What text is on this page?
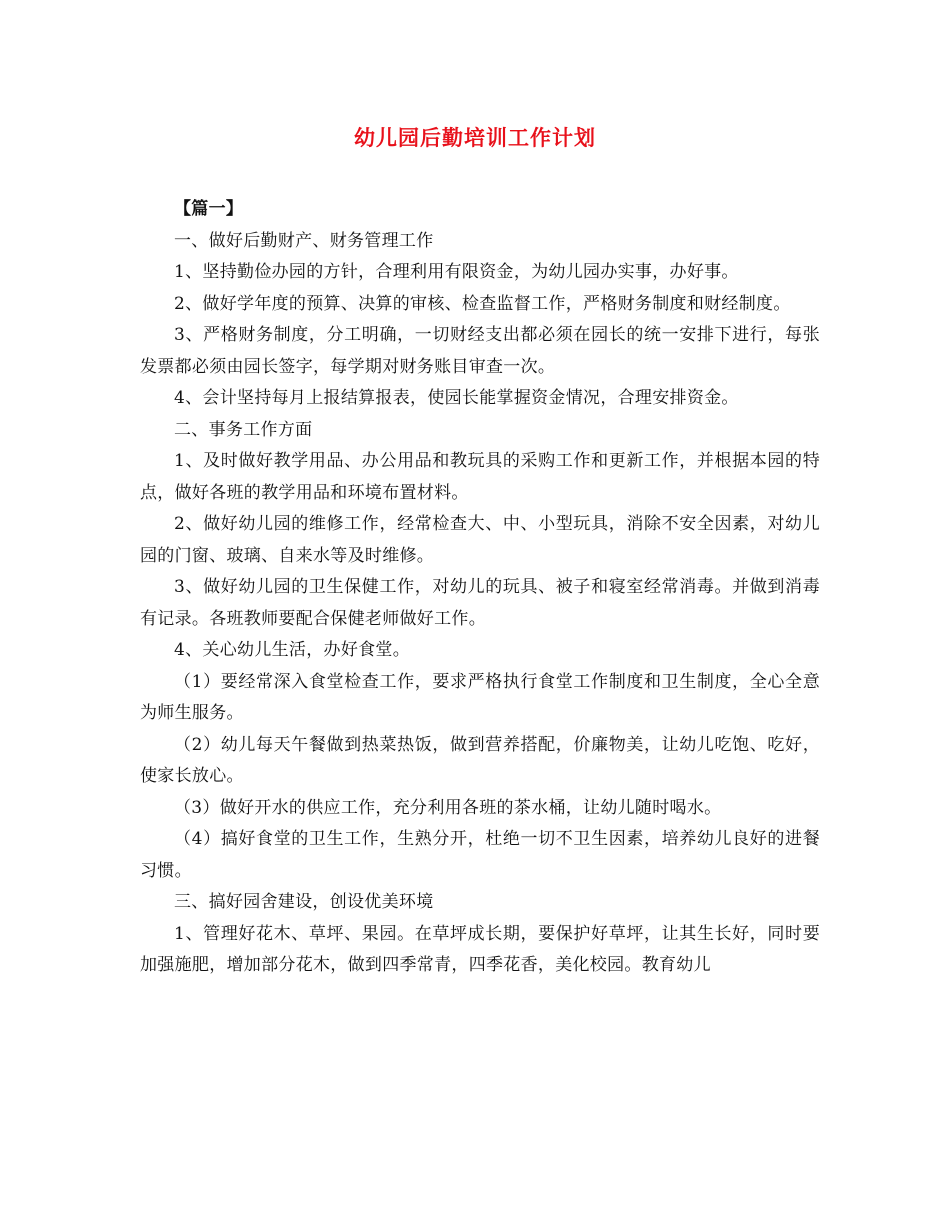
幼儿园后勤培训工作计划

【篇一】

一、做好后勤财产、财务管理工作

1、坚持勤俭办园的方针，合理利用有限资金，为幼儿园办实事，办好事。

2、做好学年度的预算、决算的审核、检查监督工作，严格财务制度和财经制度。

3、严格财务制度，分工明确，一切财经支出都必须在园长的统一安排下进行，每张发票都必须由园长签字，每学期对财务账目审查一次。

4、会计坚持每月上报结算报表，使园长能掌握资金情况，合理安排资金。

二、事务工作方面

1、及时做好教学用品、办公用品和教玩具的采购工作和更新工作，并根据本园的特点，做好各班的教学用品和环境布置材料。

2、做好幼儿园的维修工作，经常检查大、中、小型玩具，消除不安全因素，对幼儿园的门窗、玻璃、自来水等及时维修。

3、做好幼儿园的卫生保健工作，对幼儿的玩具、被子和寝室经常消毒。并做到消毒有记录。各班教师要配合保健老师做好工作。

4、关心幼儿生活，办好食堂。

（1）要经常深入食堂检查工作，要求严格执行食堂工作制度和卫生制度，全心全意为师生服务。

（2）幼儿每天午餐做到热菜热饭，做到营养搭配，价廉物美，让幼儿吃饱、吃好，使家长放心。

（3）做好开水的供应工作，充分利用各班的茶水桶，让幼儿随时喝水。

（4）搞好食堂的卫生工作，生熟分开，杜绝一切不卫生因素，培养幼儿良好的进餐习惯。

三、搞好园舍建设，创设优美环境

1、管理好花木、草坪、果园。在草坪成长期，要保护好草坪，让其生长好，同时要加强施肥，增加部分花木，做到四季常青，四季花香，美化校园。教育幼儿
